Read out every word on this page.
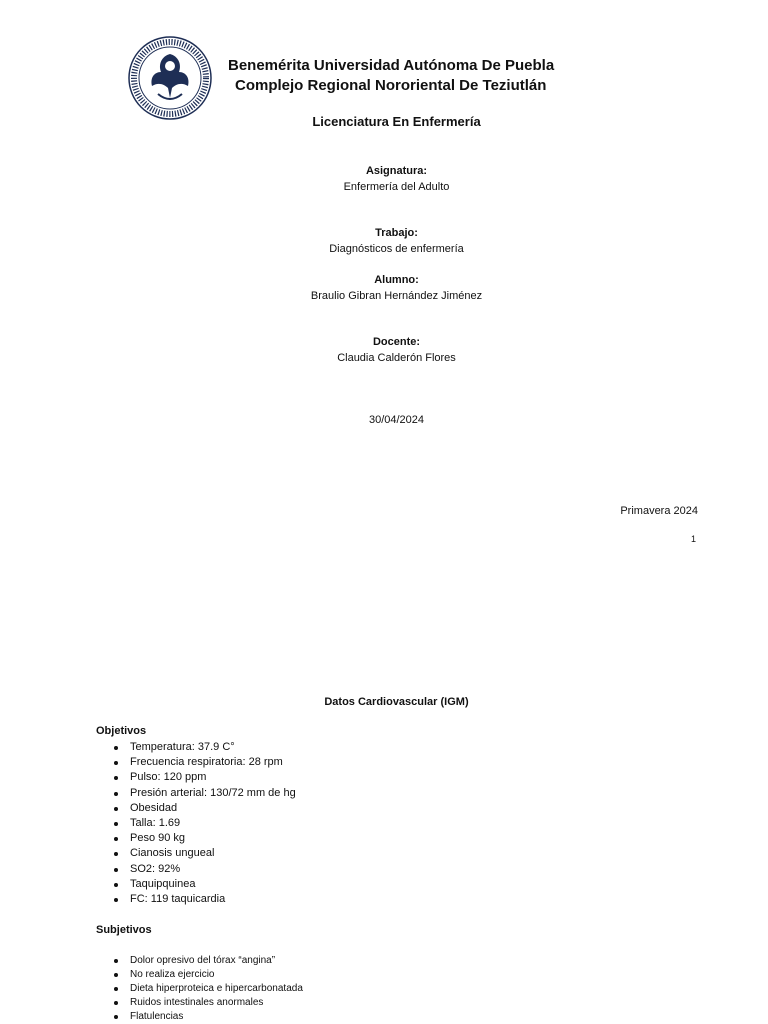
Benemérita Universidad Autónoma De Puebla
Complejo Regional Nororiental De Teziutlán
Licenciatura En Enfermería
Asignatura:
Enfermería del Adulto
Trabajo:
Diagnósticos de enfermería
Alumno:
Braulio Gibran Hernández Jiménez
Docente:
Claudia Calderón Flores
30/04/2024
Primavera 2024
1
Datos Cardiovascular (IGM)
Objetivos
Temperatura: 37.9 C°
Frecuencia respiratoria: 28 rpm
Pulso: 120 ppm
Presión arterial: 130/72 mm de hg
Obesidad
Talla: 1.69
Peso 90 kg
Cianosis ungueal
SO2: 92%
Taquipquinea
FC: 119 taquicardia
Subjetivos
Dolor opresivo del tórax “angina”
No realiza ejercicio
Dieta hiperproteica e hipercarbonatada
Ruidos intestinales anormales
Flatulencias
